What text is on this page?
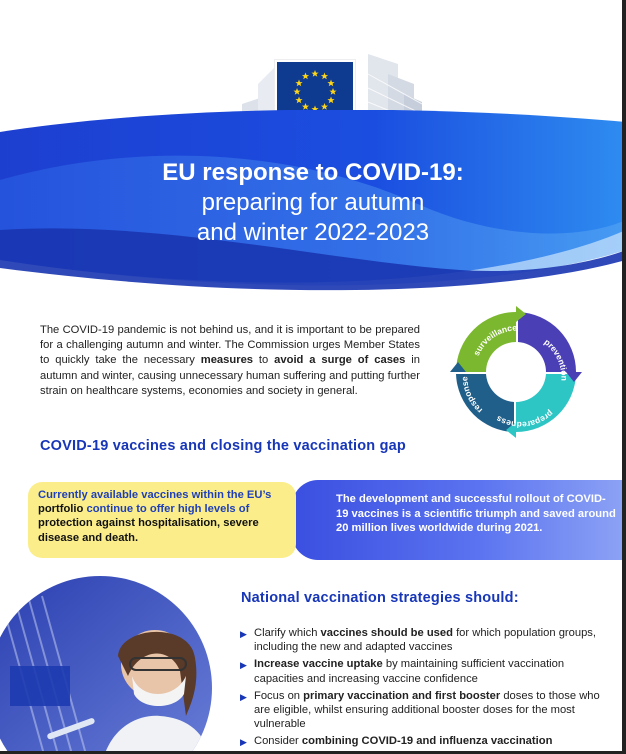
EU response to COVID-19:
preparing for autumn
and winter 2022-2023

The COVID-19 pandemic is not behind us, and it is important to be prepared for a challenging autumn and winter. The Commission urges Member States to quickly take the necessary measures to avoid a surge of cases in autumn and winter, causing unnecessary human suffering and putting further strain on healthcare systems, economies and society in general.

surveillance
prevention
preparedness
response
COVID-19 vaccines and closing the vaccination gap
The development and successful rollout of COVID-19 vaccines is a scientific triumph and saved around 20 million lives worldwide during 2021.
Currently available vaccines within the EU’s portfolio continue to offer high levels of protection against hospitalisation, severe disease and death.
National vaccination strategies should:
▶ Clarify which vaccines should be used for which population groups, including the new and adapted vaccines
▶ Increase vaccine uptake by maintaining sufficient vaccination capacities and increasing vaccine confidence
▶ Focus on primary vaccination and first booster doses to those who are eligible, whilst ensuring additional booster doses for the most vulnerable
▶ Consider combining COVID-19 and influenza vaccination
